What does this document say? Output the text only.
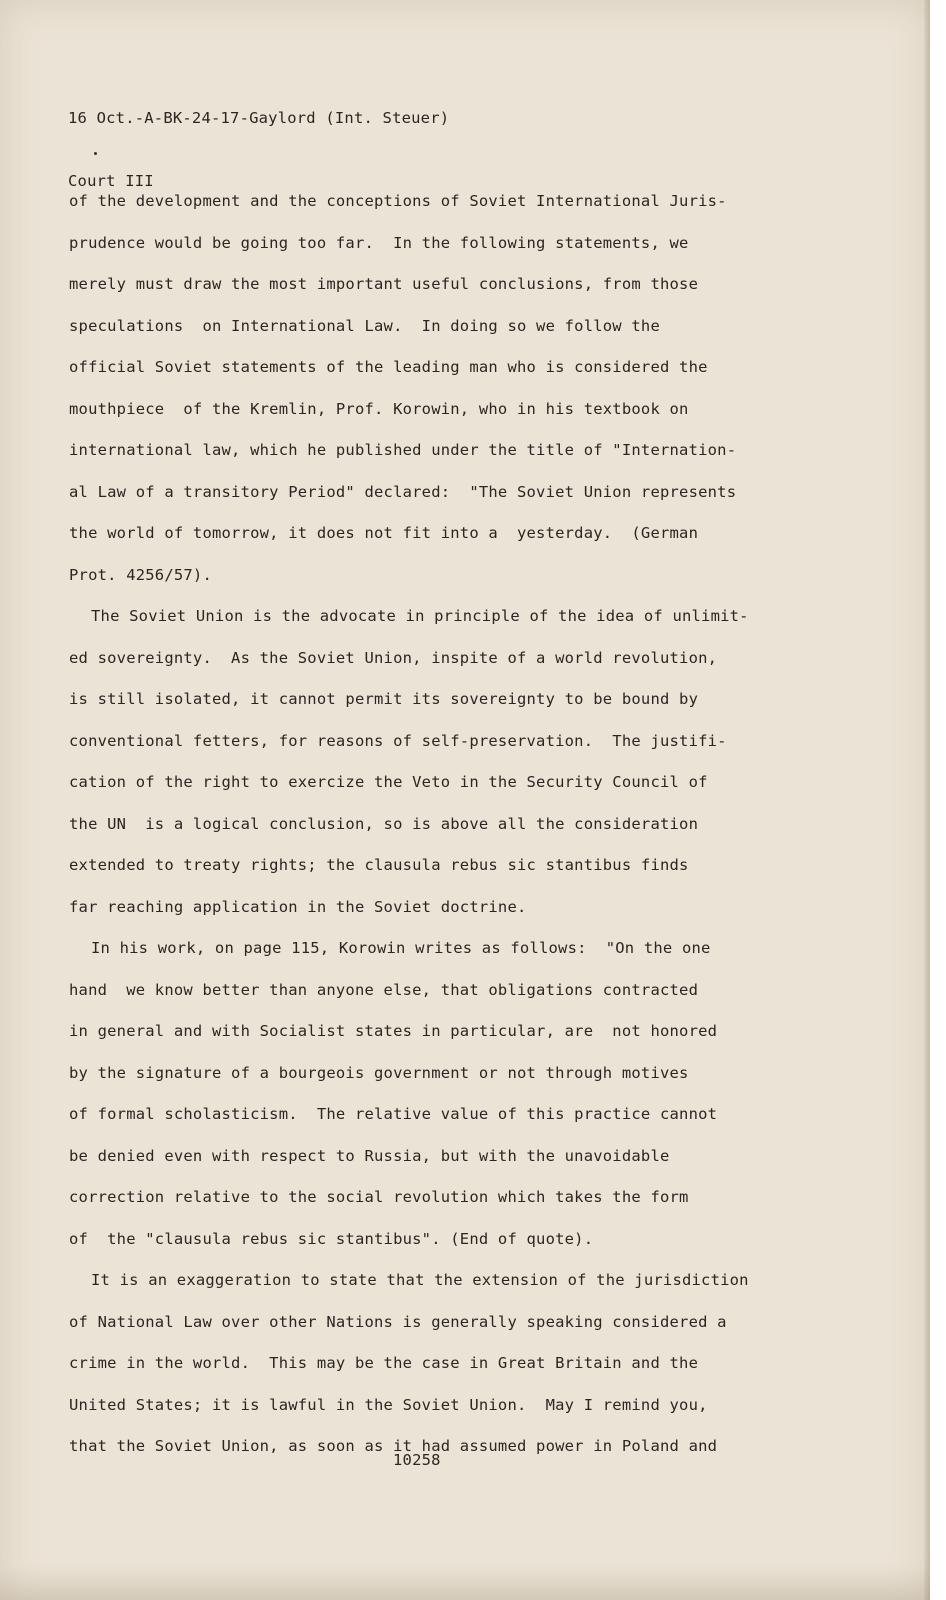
16 Oct.-A-BK-24-17-Gaylord (Int. Steuer)

Court III

of the development and the conceptions of Soviet International Juris-
prudence would be going too far.  In the following statements, we
merely must draw the most important useful conclusions, from those
speculations  on International Law.  In doing so we follow the
official Soviet statements of the leading man who is considered the
mouthpiece  of the Kremlin, Prof. Korowin, who in his textbook on
international law, which he published under the title of "Internation-
al Law of a transitory Period" declared:  "The Soviet Union represents
the world of tomorrow, it does not fit into a  yesterday.  (German
Prot. 4256/57).
The Soviet Union is the advocate in principle of the idea of unlimit-
ed sovereignty.  As the Soviet Union, inspite of a world revolution,
is still isolated, it cannot permit its sovereignty to be bound by
conventional fetters, for reasons of self-preservation.  The justifi-
cation of the right to exercize the Veto in the Security Council of
the UN  is a logical conclusion, so is above all the consideration
extended to treaty rights; the clausula rebus sic stantibus finds
far reaching application in the Soviet doctrine.
In his work, on page 115, Korowin writes as follows:  "On the one
hand  we know better than anyone else, that obligations contracted
in general and with Socialist states in particular, are  not honored
by the signature of a bourgeois government or not through motives
of formal scholasticism.  The relative value of this practice cannot
be denied even with respect to Russia, but with the unavoidable
correction relative to the social revolution which takes the form
of  the "clausula rebus sic stantibus". (End of quote).
It is an exaggeration to state that the extension of the jurisdiction
of National Law over other Nations is generally speaking considered a
crime in the world.  This may be the case in Great Britain and the
United States; it is lawful in the Soviet Union.  May I remind you,
that the Soviet Union, as soon as it had assumed power in Poland and
10258
